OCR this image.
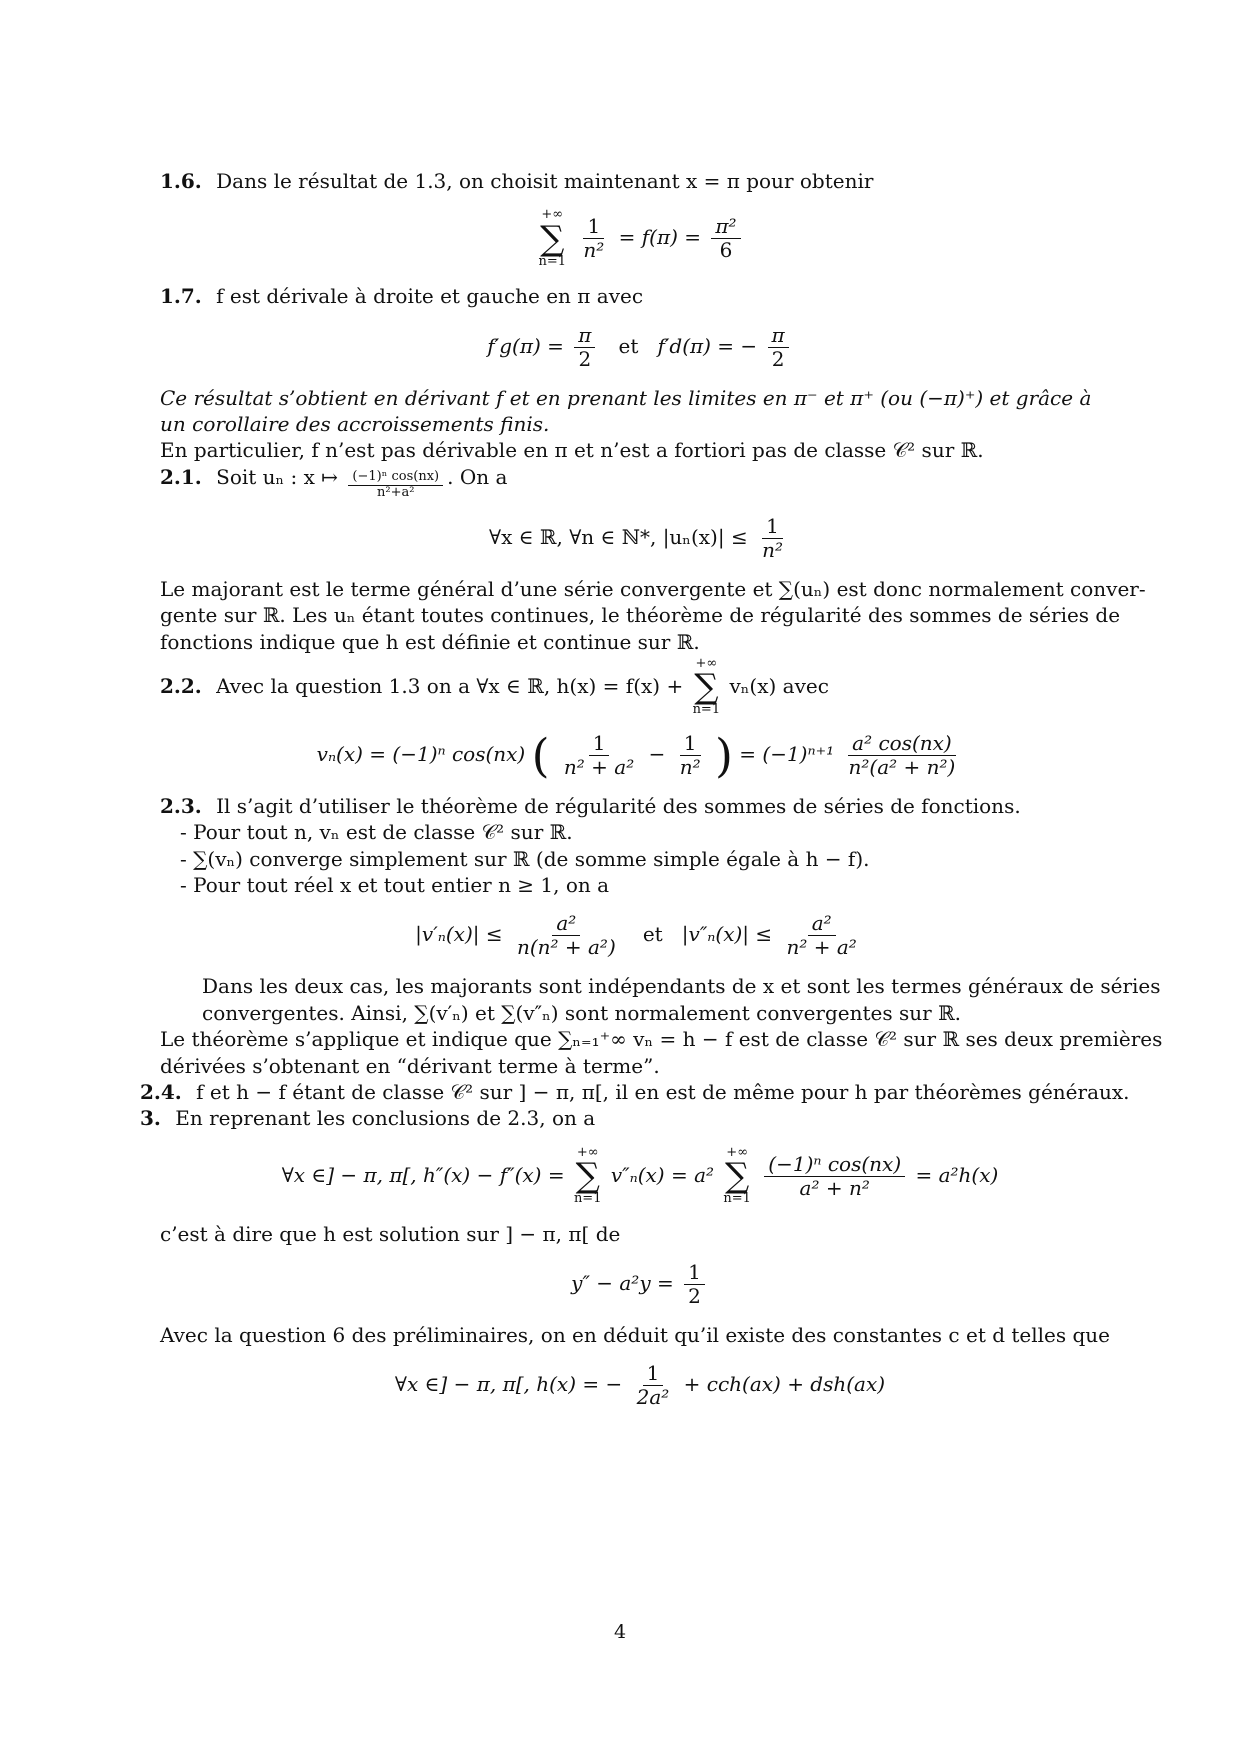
1.6. Dans le résultat de 1.3, on choisit maintenant x = π pour obtenir

+∞
∑
n=1
$\frac{1}{\text{n²}} = f(\pi) = \frac{\text{π²}}{6}$

1.7. f est dérivale à droite et gauche en π avec

$f'g(\pi) = \frac{\pi}{2}$ et f′d(π) = − $\frac{\pi}{2}$

Ce résultat s’obtient en dérivant f et en prenant les limites en π⁻ et π⁺ (ou (−π)⁺) et grâce à

un corollaire des accroissements finis.

En particulier, f n’est pas dérivable en π et n’est a fortiori pas de classe 𝒞² sur ℝ.

2.1. Soit uₙ : x ↦ $\frac{\text{(−1)ⁿ cos(nx)}}{\text{n²+a²}}$ . On a

∀x ∈ ℝ, ∀n ∈ ℕ*, $|u_n(x)| \le \frac{1}{\text{n²}}$

Le majorant est le terme général d’une série convergente et ∑(uₙ) est donc normalement conver-

gente sur ℝ. Les uₙ étant toutes continues, le théorème de régularité des sommes de séries de

fonctions indique que h est définie et continue sur ℝ.

2.2. Avec la question 1.3 on a ∀x ∈ ℝ, h(x) = f(x) +
+∞
∑
n=1
vₙ(x) avec

vₙ(x) = (−1)ⁿ cos(nx) ( $\frac{1}{\text{n² + a²}} - \frac{1}{\text{n²}}$ ) = $(-1)^{n+1} \frac{\text{a² cos(nx)}}{\text{n²(a² + n²)}}$

2.3. Il s’agit d’utiliser le théorème de régularité des sommes de séries de fonctions.

- Pour tout n, vₙ est de classe 𝒞² sur ℝ.

- ∑(vₙ) converge simplement sur ℝ (de somme simple égale à h − f).

- Pour tout réel x et tout entier n ≥ 1, on a

$|v'_n(x)| \le \frac{\text{a²}}{\text{n(n² + a²)}}$ et $|v''_n(x)| \le \frac{\text{a²}}{\text{n² + a²}}$

Dans les deux cas, les majorants sont indépendants de x et sont les termes généraux de séries

convergentes. Ainsi, ∑(v′ₙ) et ∑(v″ₙ) sont normalement convergentes sur ℝ.

Le théorème s’applique et indique que ∑ₙ₌₁⁺∞ vₙ = h − f est de classe 𝒞² sur ℝ ses deux premières

dérivées s’obtenant en “dérivant terme à terme”.

2.4. f et h − f étant de classe 𝒞² sur ] − π, π[, il en est de même pour h par théorèmes généraux.

3. En reprenant les conclusions de 2.3, on a

∀x ∈] − π, π[, h″(x) − f″(x) =
+∞
∑
n=1
v″ₙ(x) = a²
+∞
∑
n=1
$\frac{\text{(−1)ⁿ cos(nx)}}{\text{a² + n²}} = a^2h(x)$

c’est à dire que h est solution sur ] − π, π[ de

$y'' - a^2y = \frac{1}{2}$

Avec la question 6 des préliminaires, on en déduit qu’il existe des constantes c et d telles que

∀x ∈] − π, π[, h(x) = − $\frac{1}{\text{2a²}} + cch(ax) + dsh(ax)$
4
